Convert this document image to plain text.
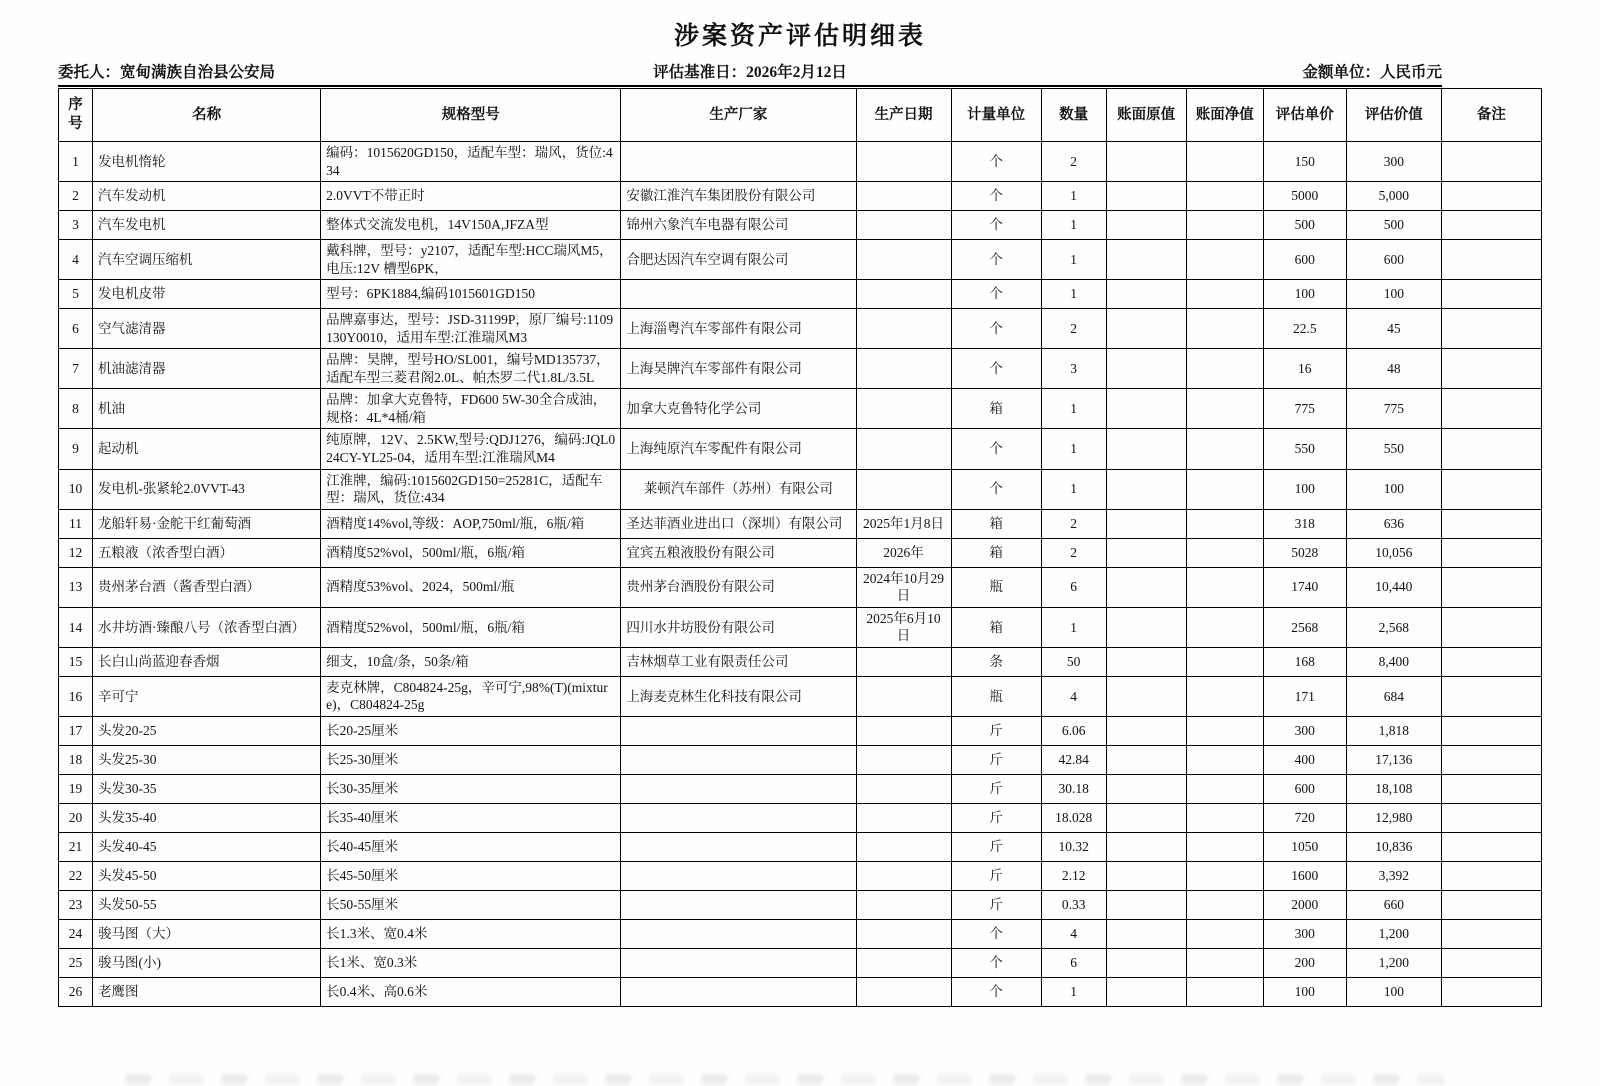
涉案资产评估明细表
委托人：宽甸满族自治县公安局	评估基准日：2026年2月12日	金额单位：人民币元
序号	名称	规格型号	生产厂家	生产日期	计量单位	数量	账面原值	账面净值	评估单价	评估价值	备注
1	发电机惰轮	编码：1015620GD150，适配车型：瑞风，货位:434			个	2			150	300	
2	汽车发动机	2.0VVT不带正时	安徽江淮汽车集团股份有限公司		个	1			5000	5,000	
3	汽车发电机	整体式交流发电机，14V150A,JFZA型	锦州六象汽车电器有限公司		个	1			500	500	
4	汽车空调压缩机	戴科牌，型号：y2107，适配车型:HCC瑞风M5，电压:12V 槽型6PK，	合肥达因汽车空调有限公司		个	1			600	600	
5	发电机皮带	型号：6PK1884,编码1015601GD150			个	1			100	100	
6	空气滤清器	品牌嘉事达，型号：JSD-31199P，原厂编号:1109130Y0010，适用车型:江淮瑞风M3	上海淄粤汽车零部件有限公司		个	2			22.5	45	
7	机油滤清器	品牌：昊牌，型号HO/SL001，编号MD135737，适配车型三菱君阁2.0L、帕杰罗二代1.8L/3.5L	上海昊牌汽车零部件有限公司		个	3			16	48	
8	机油	品牌：加拿大克鲁特，FD600 5W-30全合成油，规格：4L*4桶/箱	加拿大克鲁特化学公司		箱	1			775	775	
9	起动机	纯原牌，12V、2.5KW,型号:QDJ1276，编码:JQL024CY-YL25-04，适用车型:江淮瑞风M4	上海纯原汽车零配件有限公司		个	1			550	550	
10	发电机-张紧轮2.0VVT-43	江淮牌，编码:1015602GD150=25281C，适配车型：瑞风，货位:434	莱顿汽车部件（苏州）有限公司		个	1			100	100	
11	龙船轩易·金舵干红葡萄酒	酒精度14%vol,等级：AOP,750ml/瓶，6瓶/箱	圣达菲酒业进出口（深圳）有限公司	2025年1月8日	箱	2			318	636	
12	五粮液（浓香型白酒）	酒精度52%vol，500ml/瓶，6瓶/箱	宜宾五粮液股份有限公司	2026年	箱	2			5028	10,056	
13	贵州茅台酒（酱香型白酒）	酒精度53%vol、2024，500ml/瓶	贵州茅台酒股份有限公司	2024年10月29日	瓶	6			1740	10,440	
14	水井坊酒·臻酿八号（浓香型白酒）	酒精度52%vol，500ml/瓶，6瓶/箱	四川水井坊股份有限公司	2025年6月10日	箱	1			2568	2,568	
15	长白山尚蓝迎春香烟	细支，10盒/条，50条/箱	吉林烟草工业有限责任公司		条	50			168	8,400	
16	辛可宁	麦克林牌，C804824-25g，辛可宁,98%(T)(mixture)，C804824-25g	上海麦克林生化科技有限公司		瓶	4			171	684	
17	头发20-25	长20-25厘米			斤	6.06			300	1,818	
18	头发25-30	长25-30厘米			斤	42.84			400	17,136	
19	头发30-35	长30-35厘米			斤	30.18			600	18,108	
20	头发35-40	长35-40厘米			斤	18.028			720	12,980	
21	头发40-45	长40-45厘米			斤	10.32			1050	10,836	
22	头发45-50	长45-50厘米			斤	2.12			1600	3,392	
23	头发50-55	长50-55厘米			斤	0.33			2000	660	
24	骏马图（大）	长1.3米、宽0.4米			个	4			300	1,200	
25	骏马图(小)	长1米、宽0.3米			个	6			200	1,200	
26	老鹰图	长0.4米、高0.6米			个	1			100	100	
